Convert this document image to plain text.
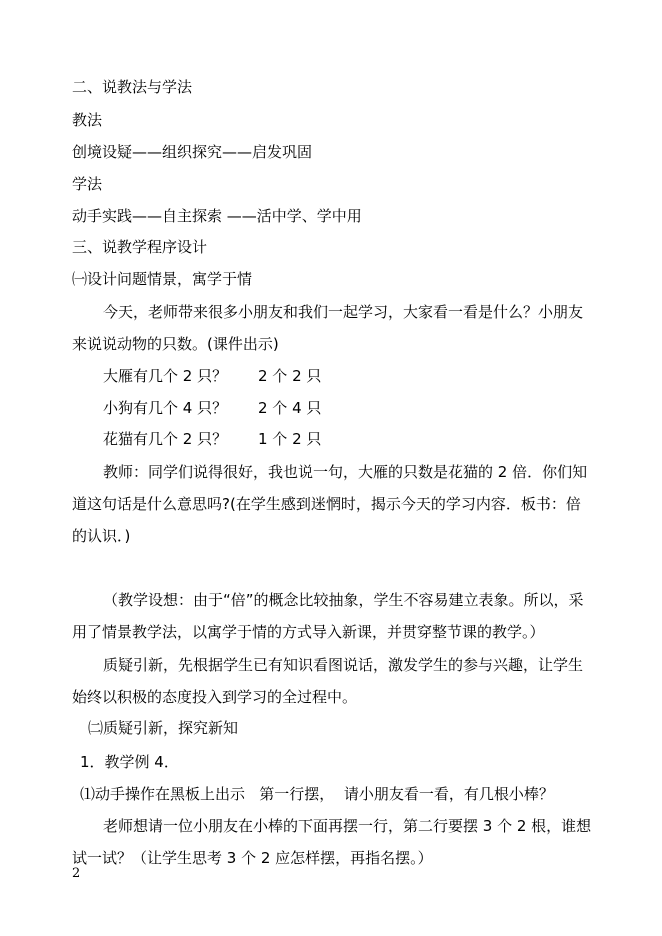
二、说教法与学法
教法
创境设疑——组织探究——启发巩固
学法
动手实践——自主探索 ——活中学、学中用
三、说教学程序设计
㈠设计问题情景，寓学于情
今天，老师带来很多小朋友和我们一起学习，大家看一看是什么？小朋友
来说说动物的只数。(课件出示)
大雁有几个 2 只？ 2 个 2 只
小狗有几个 4 只？ 2 个 4 只
花猫有几个 2 只？ 1 个 2 只
教师：同学们说得很好，我也说一句，大雁的只数是花猫的 2 倍．你们知
道这句话是什么意思吗?(在学生感到迷惘时，揭示今天的学习内容．板书：倍
的认识．)
（教学设想：由于“倍”的概念比较抽象，学生不容易建立表象。所以，采
用了情景教学法，以寓学于情的方式导入新课，并贯穿整节课的教学。）
质疑引新，先根据学生已有知识看图说话，激发学生的参与兴趣，让学生
始终以积极的态度投入到学习的全过程中。
㈡质疑引新，探究新知
1．教学例 4．
⑴动手操作在黑板上出示   第一行摆，  请小朋友看一看，有几根小棒？
老师想请一位小朋友在小棒的下面再摆一行，第二行要摆 3 个 2 根，谁想
试一试？（让学生思考 3 个 2 应怎样摆，再指名摆。）
2
